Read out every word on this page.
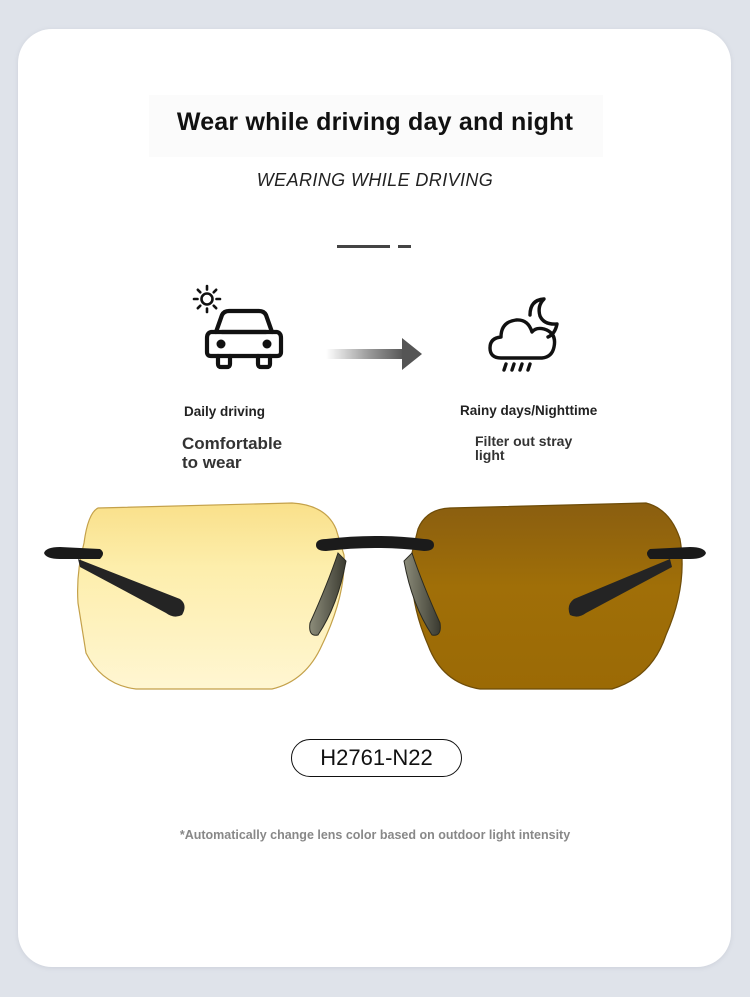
Wear while driving day and night
WEARING WHILE DRIVING
Daily driving
Comfortable
to wear
Rainy days/Nighttime
Filter out stray
light
H2761-N22
*Automatically change lens color based on outdoor light intensity
